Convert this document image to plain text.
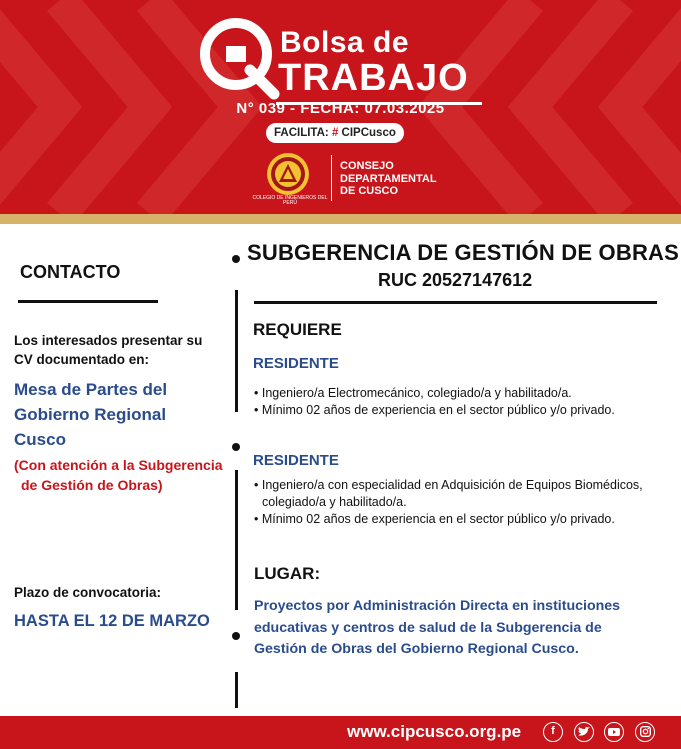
Bolsa de
TRABAJO
N° 039 - FECHA: 07.03.2025
FACILITA: # CIPCusco
COLEGIO DE INGENIEROS DEL PERÚ
CONSEJO
DEPARTAMENTAL
DE CUSCO
CONTACTO
Los interesados presentar su CV documentado en:
Mesa de Partes del
Gobierno Regional
Cusco
(Con atención a la Subgerencia
de Gestión de Obras)
Plazo de convocatoria:
HASTA EL 12 DE MARZO
SUBGERENCIA DE GESTIÓN DE OBRAS
RUC 20527147612
REQUIERE
RESIDENTE
• Ingeniero/a Electromecánico, colegiado/a y habilitado/a.
• Mínimo 02 años de experiencia en el sector público y/o privado.
RESIDENTE
• Ingeniero/a con especialidad en Adquisición de Equipos Biomédicos,
colegiado/a y habilitado/a.
• Mínimo 02 años de experiencia en el sector público y/o privado.
LUGAR:
Proyectos por Administración Directa en instituciones
educativas y centros de salud de la Subgerencia de
Gestión de Obras del Gobierno Regional Cusco.
www.cipcusco.org.pe	f
